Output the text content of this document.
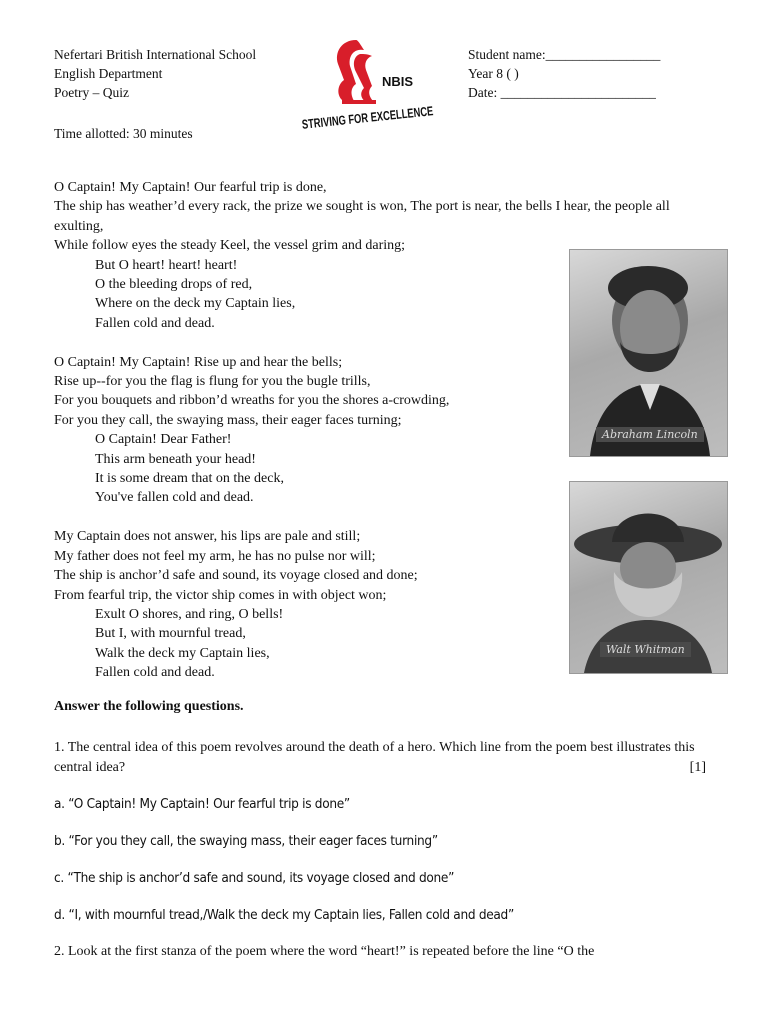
Nefertari British International School
English Department
Poetry – Quiz
NBIS
STRIVING FOR EXCELLENCE
Student name:_________________
Year 8 ( )
Date: _______________________
Time allotted: 30 minutes
O Captain! My Captain! Our fearful trip is done,
The ship has weather’d every rack, the prize we sought is won, The port is near, the bells I hear, the people all exulting,
While follow eyes the steady Keel, the vessel grim and daring;
But O heart! heart! heart!
O the bleeding drops of red,
Where on the deck my Captain lies,
Fallen cold and dead.
O Captain! My Captain! Rise up and hear the bells;
Rise up--for you the flag is flung for you the bugle trills,
For you bouquets and ribbon’d wreaths for you the shores a-crowding,
For you they call, the swaying mass, their eager faces turning;
O Captain! Dear Father!
This arm beneath your head!
It is some dream that on the deck,
You've fallen cold and dead.
My Captain does not answer, his lips are pale and still;
My father does not feel my arm, he has no pulse nor will;
The ship is anchor’d safe and sound, its voyage closed and done;
From fearful trip, the victor ship comes in with object won;
Exult O shores, and ring, O bells!
But I, with mournful tread,
Walk the deck my Captain lies,
Fallen cold and dead.
Abraham Lincoln
Walt Whitman
Answer the following questions.
1. The central idea of this poem revolves around the death of a hero. Which line from the poem best illustrates this central idea?	[1]
a. “O Captain! My Captain! Our fearful trip is done”
b. “For you they call, the swaying mass, their eager faces turning”
c. “The ship is anchor’d safe and sound, its voyage closed and done”
d. “I, with mournful tread,/Walk the deck my Captain lies, Fallen cold and dead”
2. Look at the first stanza of the poem where the word “heart!” is repeated before the line “O the
